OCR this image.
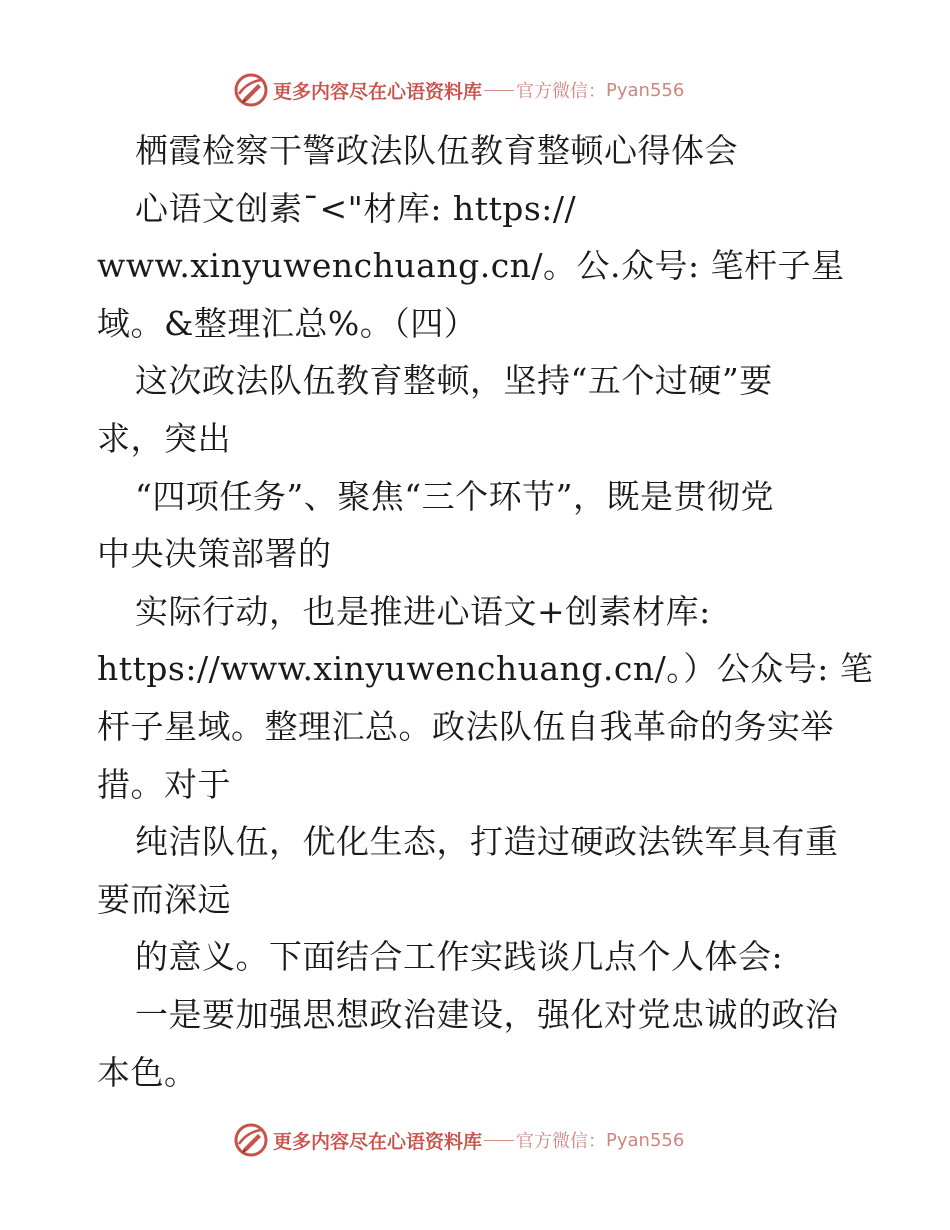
更多内容尽在心语资料库 官方微信： Pyan556
栖霞检察干警政法队伍教育整顿心得体会
心语文创素¯<"材库: https://
www.xinyuwenchuang.cn/。公.众号: 笔杆子星
域。&整理汇总%。（四）
这次政法队伍教育整顿，坚持“五个过硬”要
求，突出
“四项任务”、聚焦“三个环节”，既是贯彻党
中央决策部署的
实际行动，也是推进心语文+创素材库:
https://www.xinyuwenchuang.cn/。）公众号: 笔
杆子星域。整理汇总。政法队伍自我革命的务实举
措。对于
纯洁队伍，优化生态，打造过硬政法铁军具有重
要而深远
的意义。下面结合工作实践谈几点个人体会:
一是要加强思想政治建设，强化对党忠诚的政治
本色。
更多内容尽在心语资料库 官方微信： Pyan556
